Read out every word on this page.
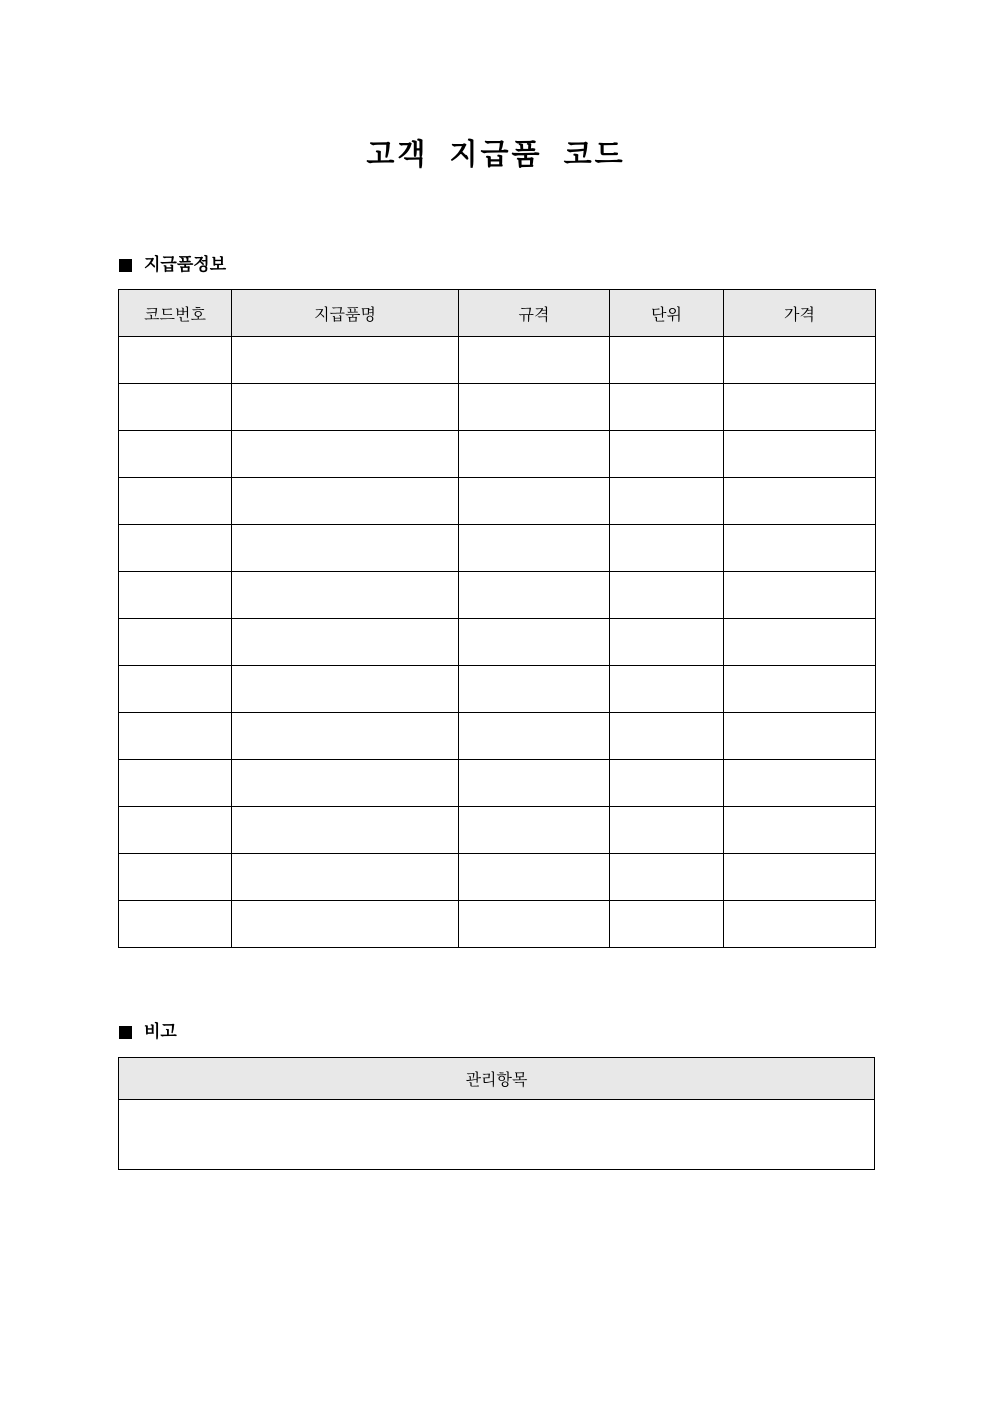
고객 지급품 코드
지급품정보
코드번호	지급품명	규격	단위	가격

비고
관리항목
